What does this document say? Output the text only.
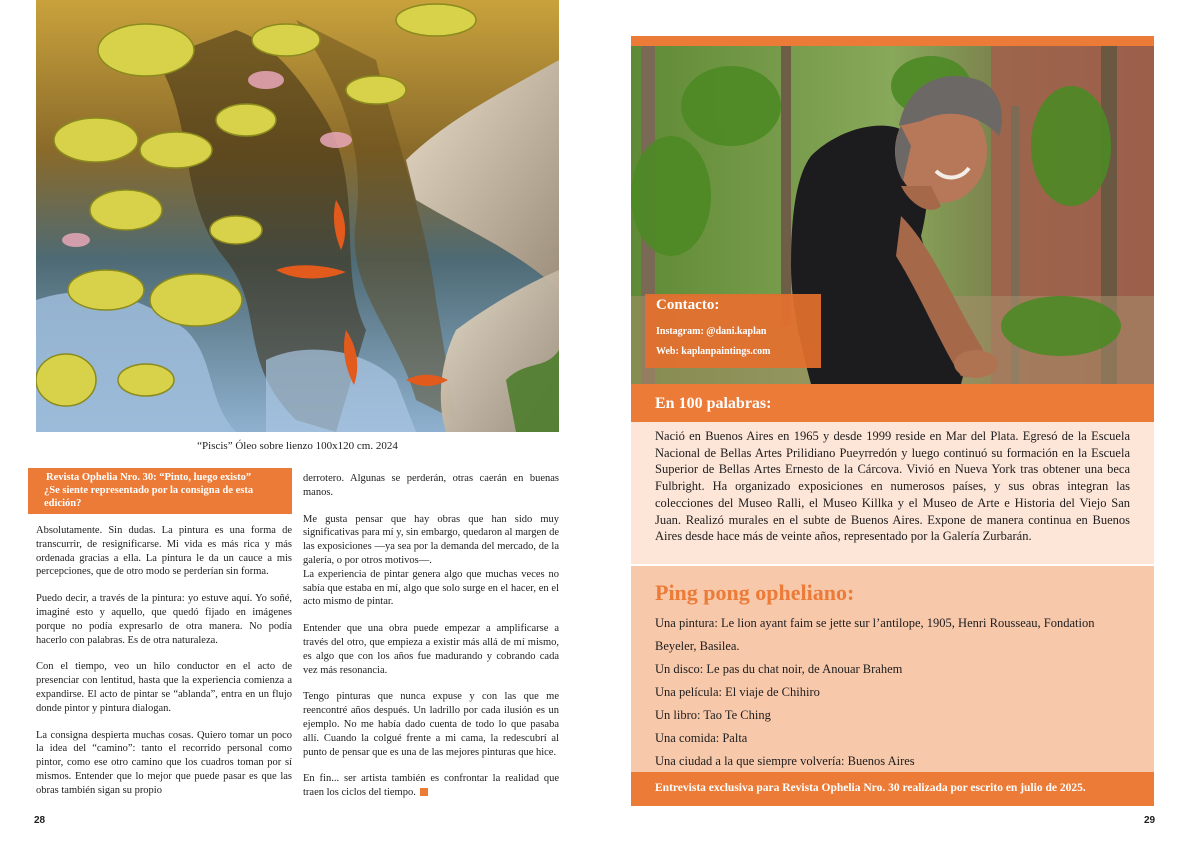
“Piscis” Óleo sobre lienzo 100x120 cm. 2024
Revista Ophelia Nro. 30: “Pinto, luego existo”
¿Se siente representado por la consigna de esta edición?

Absolutamente. Sin dudas. La pintura es una forma de transcurrir, de resignificarse. Mi vida es más rica y más ordenada gracias a ella. La pintura le da un cauce a mis percepciones, que de otro modo se perderían sin forma.

Puedo decir, a través de la pintura: yo estuve aquí. Yo soñé, imaginé esto y aquello, que quedó fijado en imágenes porque no podía expresarlo de otra manera. No podía hacerlo con palabras. Es de otra naturaleza.

Con el tiempo, veo un hilo conductor en el acto de presenciar con lentitud, hasta que la experiencia comienza a expandirse. El acto de pintar se “ablanda”, entra en un flujo donde pintor y pintura dialogan.

La consigna despierta muchas cosas. Quiero tomar un poco la idea del “camino”: tanto el recorrido personal como pintor, como ese otro camino que los cuadros toman por sí mismos. Entender que lo mejor que puede pasar es que las obras también sigan su propio

derrotero. Algunas se perderán, otras caerán en buenas manos.

Me gusta pensar que hay obras que han sido muy significativas para mí y, sin embargo, quedaron al margen de las exposiciones —ya sea por la demanda del mercado, de la galería, o por otros motivos—.

La experiencia de pintar genera algo que muchas veces no sabía que estaba en mí, algo que solo surge en el hacer, en el acto mismo de pintar.

Entender que una obra puede empezar a amplificarse a través del otro, que empieza a existir más allá de mí mismo, es algo que con los años fue madurando y cobrando cada vez más resonancia.

Tengo pinturas que nunca expuse y con las que me reencontré años después. Un ladrillo por cada ilusión es un ejemplo. No me había dado cuenta de todo lo que pasaba allí. Cuando la colgué frente a mi cama, la redescubrí al punto de pensar que es una de las mejores pinturas que hice.

En fin... ser artista también es confrontar la realidad que traen los ciclos del tiempo.

28
Contacto:
Instagram: @dani.kaplan
Web: kaplanpaintings.com
En 100 palabras:
Nació en Buenos Aires en 1965 y desde 1999 reside en Mar del Plata. Egresó de la Escuela Nacional de Bellas Artes Prilidiano Pueyrredón y luego continuó su formación en la Escuela Superior de Bellas Artes Ernesto de la Cárcova. Vivió en Nueva York tras obtener una beca Fulbright. Ha organizado exposiciones en numerosos países, y sus obras integran las colecciones del Museo Ralli, el Museo Killka y el Museo de Arte e Historia del Viejo San Juan. Realizó murales en el subte de Buenos Aires. Expone de manera continua en Buenos Aires desde hace más de veinte años, representado por la Galería Zurbarán.
Ping pong opheliano:
Una pintura: Le lion ayant faim se jette sur l’antilope, 1905, Henri Rousseau, Fondation Beyeler, Basilea.
Un disco: Le pas du chat noir, de Anouar Brahem
Una película: El viaje de Chihiro
Un libro: Tao Te Ching
Una comida: Palta
Una ciudad a la que siempre volvería: Buenos Aires
Entrevista exclusiva para Revista Ophelia Nro. 30 realizada por escrito en julio de 2025.
29
